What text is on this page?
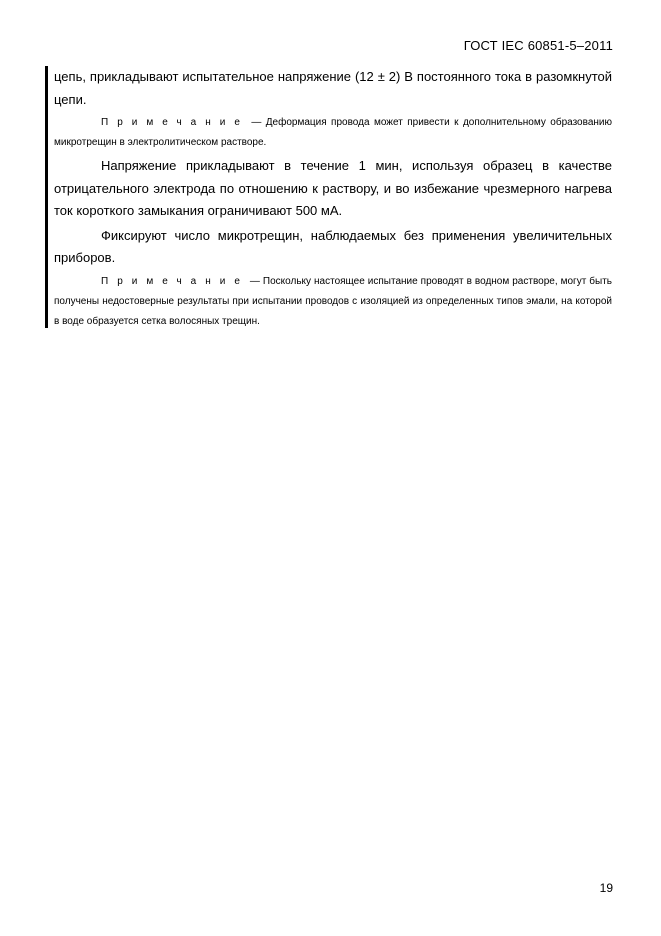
ГОСТ IEC 60851-5–2011

цепь, прикладывают испытательное напряжение (12 ± 2) В постоянного тока в разомкнутой цепи.

Примечание — Деформация провода может привести к дополнительному образованию микротрещин в электролитическом растворе.

Напряжение прикладывают в течение 1 мин, используя образец в качестве отрицательного электрода по отношению к раствору, и во избежание чрезмерного нагрева ток короткого замыкания ограничивают 500 мА.

Фиксируют число микротрещин, наблюдаемых без применения увеличительных приборов.

Примечание — Поскольку настоящее испытание проводят в водном растворе, могут быть получены недостоверные результаты при испытании проводов с изоляцией из определенных типов эмали, на которой в воде образуется сетка волосяных трещин.

19
